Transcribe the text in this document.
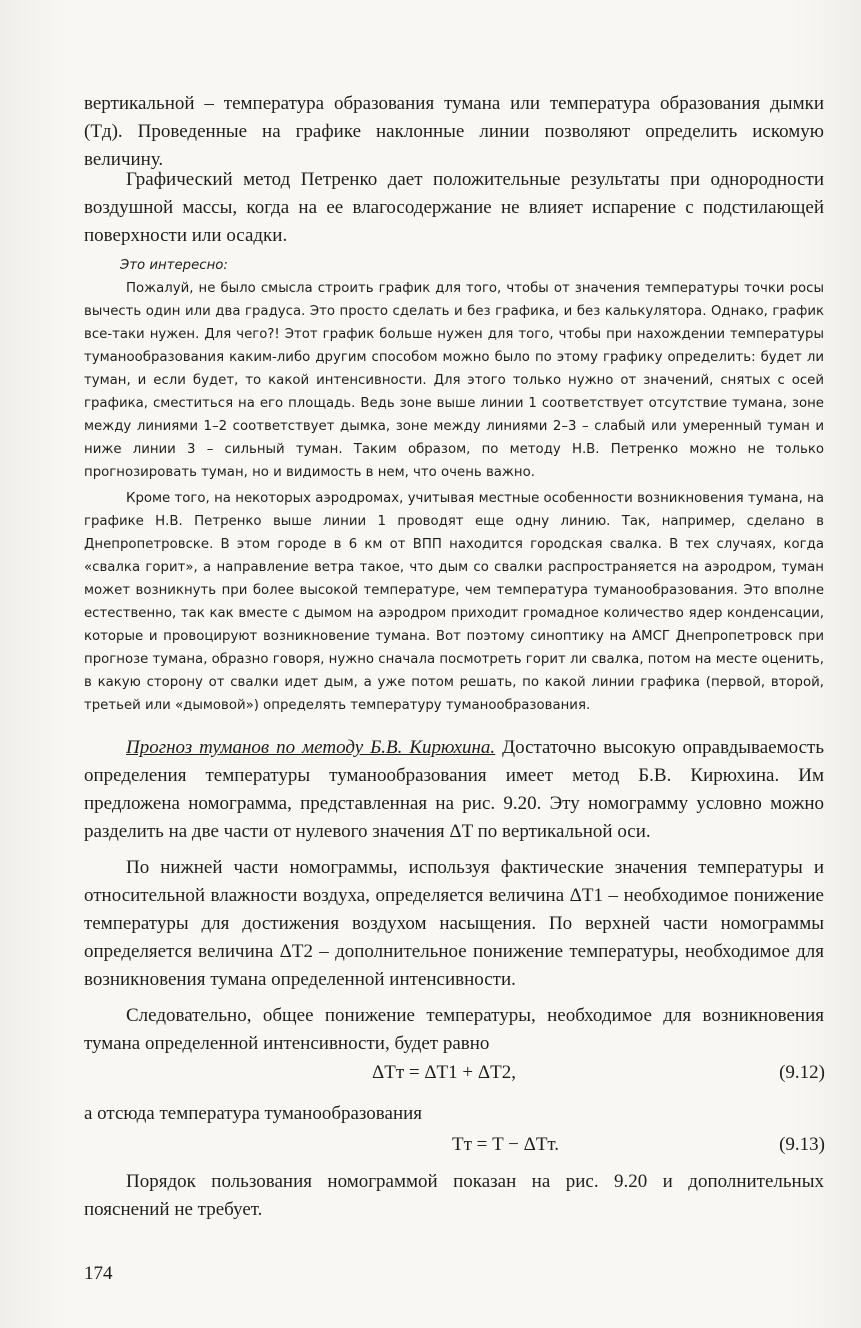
вертикальной – температура образования тумана или температура образования дымки (Tд). Проведенные на графике наклонные линии позволяют определить искомую величину.

Графический метод Петренко дает положительные результаты при однородности воздушной массы, когда на ее влагосодержание не влияет испарение с подстилающей поверхности или осадки.

Это интересно:

Пожалуй, не было смысла строить график для того, чтобы от значения температуры точки росы вычесть один или два градуса. Это просто сделать и без графика, и без калькулятора. Однако, график все-таки нужен. Для чего?! Этот график больше нужен для того, чтобы при нахождении температуры туманообразования каким-либо другим способом можно было по этому графику определить: будет ли туман, и если будет, то какой интенсивности. Для этого только нужно от значений, снятых с осей графика, сместиться на его площадь. Ведь зоне выше линии 1 соответствует отсутствие тумана, зоне между линиями 1–2 соответствует дымка, зоне между линиями 2–3 – слабый или умеренный туман и ниже линии 3 – сильный туман. Таким образом, по методу Н.В. Петренко можно не только прогнозировать туман, но и видимость в нем, что очень важно.

Кроме того, на некоторых аэродромах, учитывая местные особенности возникновения тумана, на графике Н.В. Петренко выше линии 1 проводят еще одну линию. Так, например, сделано в Днепропетровске. В этом городе в 6 км от ВПП находится городская свалка. В тех случаях, когда «свалка горит», а направление ветра такое, что дым со свалки распространяется на аэродром, туман может возникнуть при более высокой температуре, чем температура туманообразования. Это вполне естественно, так как вместе с дымом на аэродром приходит громадное количество ядер конденсации, которые и провоцируют возникновение тумана. Вот поэтому синоптику на АМСГ Днепропетровск при прогнозе тумана, образно говоря, нужно сначала посмотреть горит ли свалка, потом на месте оценить, в какую сторону от свалки идет дым, а уже потом решать, по какой линии графика (первой, второй, третьей или «дымовой») определять температуру туманообразования.

Прогноз туманов по методу Б.В. Кирюхина. Достаточно высокую оправдываемость определения температуры туманообразования имеет метод Б.В. Кирюхина. Им предложена номограмма, представленная на рис. 9.20. Эту номограмму условно можно разделить на две части от нулевого значения ΔT по вертикальной оси.

По нижней части номограммы, используя фактические значения температуры и относительной влажности воздуха, определяется величина ΔT1 – необходимое понижение температуры для достижения воздухом насыщения. По верхней части номограммы определяется величина ΔT2 – дополнительное понижение температуры, необходимое для возникновения тумана определенной интенсивности.

Следовательно, общее понижение температуры, необходимое для возникновения тумана определенной интенсивности, будет равно

ΔTт = ΔT1 + ΔT2,	(9.12)

а отсюда температура туманообразования

Tт = T − ΔTт.	(9.13)

Порядок пользования номограммой показан на рис. 9.20 и дополнительных пояснений не требует.

174
